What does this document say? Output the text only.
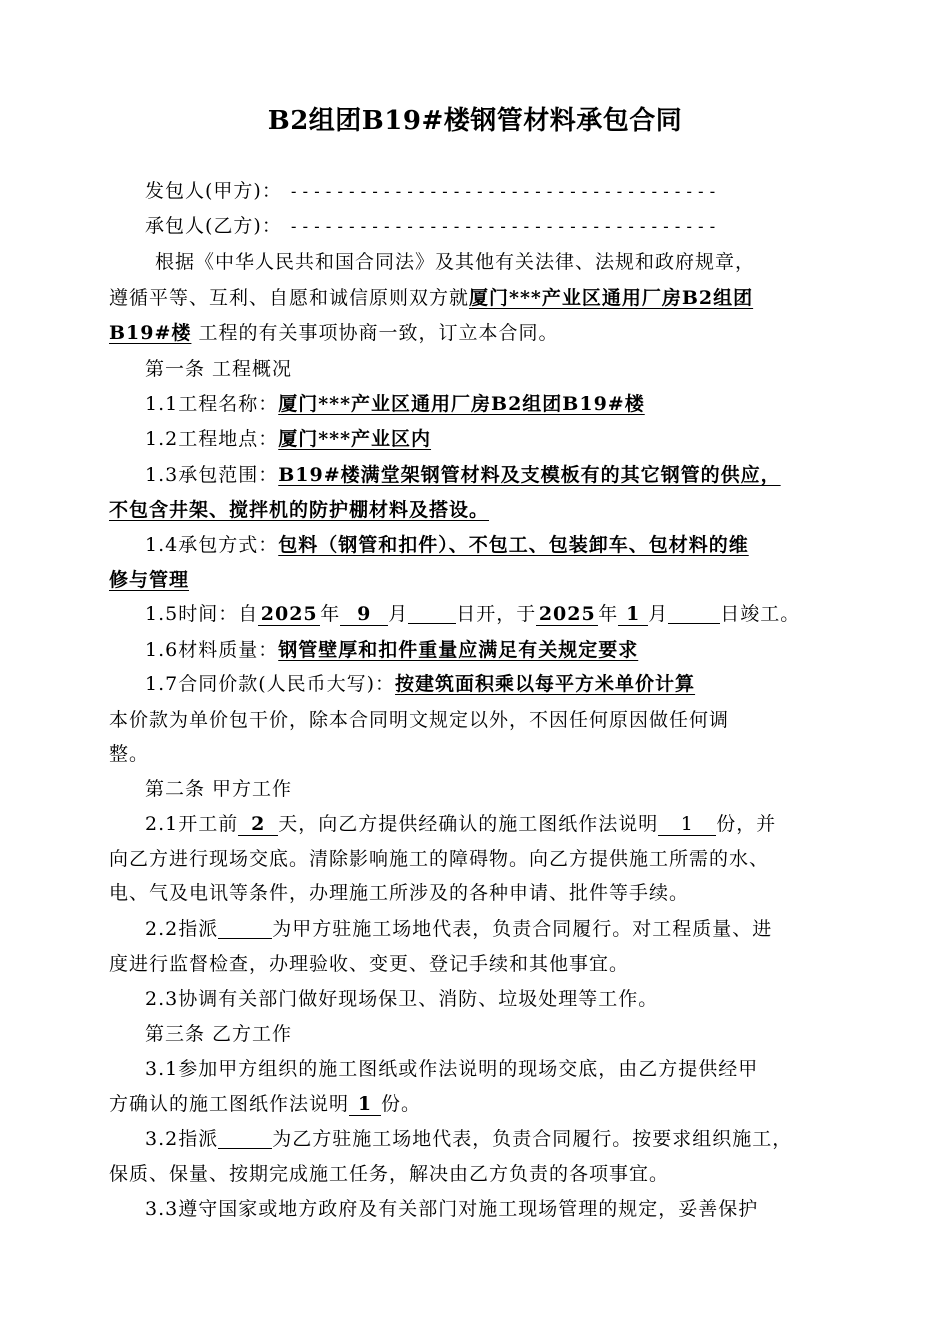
B2组团B19#楼钢管材料承包合同
发包人(甲方)： -------------------------------------
承包人(乙方)： -------------------------------------
根据《中华人民共和国合同法》及其他有关法律、法规和政府规章，
遵循平等、互利、自愿和诚信原则双方就厦门***产业区通用厂房B2组团
B19#楼 工程的有关事项协商一致，订立本合同。
第一条 工程概况
1.1工程名称：厦门***产业区通用厂房B2组团B19#楼
1.2工程地点：厦门***产业区内
1.3承包范围：B19#楼满堂架钢管材料及支模板有的其它钢管的供应，
不包含井架、搅拌机的防护棚材料及搭设。
1.4承包方式：包料（钢管和扣件）、不包工、包装卸车、包材料的维
修与管理
1.5时间：自 2025 年 9 月	日开，于 2025 年 1 月	日竣工。
1.6材料质量：钢管壁厚和扣件重量应满足有关规定要求
1.7合同价款(人民币大写)：按建筑面积乘以每平方米单价计算
本价款为单价包干价，除本合同明文规定以外，不因任何原因做任何调
整。
第二条 甲方工作
2.1开工前 2 天，向乙方提供经确认的施工图纸作法说明 1 份，并
向乙方进行现场交底。清除影响施工的障碍物。向乙方提供施工所需的水、
电、气及电讯等条件，办理施工所涉及的各种申请、批件等手续。
2.2指派	为甲方驻施工场地代表，负责合同履行。对工程质量、进
度进行监督检查，办理验收、变更、登记手续和其他事宜。
2.3协调有关部门做好现场保卫、消防、垃圾处理等工作。
第三条 乙方工作
3.1参加甲方组织的施工图纸或作法说明的现场交底，由乙方提供经甲
方确认的施工图纸作法说明 1 份。
3.2指派	为乙方驻施工场地代表，负责合同履行。按要求组织施工，
保质、保量、按期完成施工任务，解决由乙方负责的各项事宜。
3.3遵守国家或地方政府及有关部门对施工现场管理的规定，妥善保护
